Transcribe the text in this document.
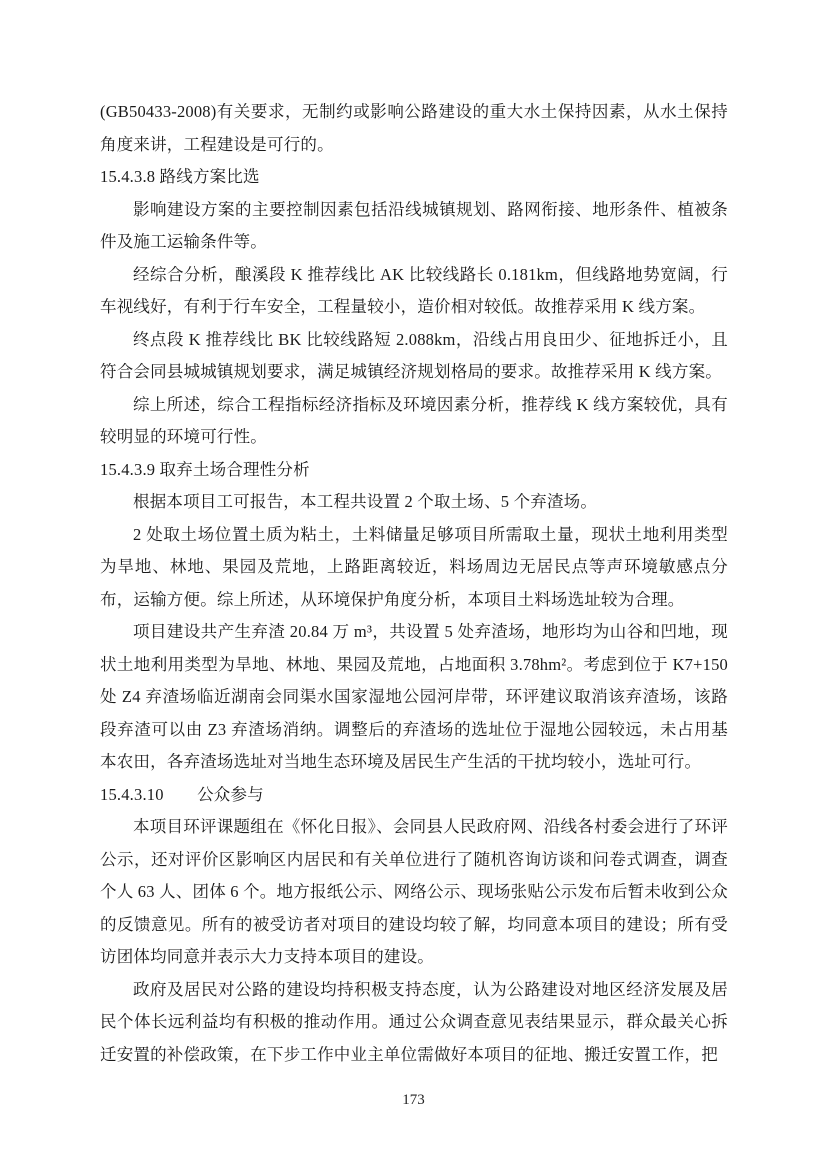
(GB50433-2008)有关要求，无制约或影响公路建设的重大水土保持因素，从水土保持角度来讲，工程建设是可行的。
15.4.3.8 路线方案比选
影响建设方案的主要控制因素包括沿线城镇规划、路网衔接、地形条件、植被条件及施工运输条件等。
经综合分析，酿溪段 K 推荐线比 AK 比较线路长 0.181km，但线路地势宽阔，行车视线好，有利于行车安全，工程量较小，造价相对较低。故推荐采用 K 线方案。
终点段 K 推荐线比 BK 比较线路短 2.088km，沿线占用良田少、征地拆迁小，且符合会同县城城镇规划要求，满足城镇经济规划格局的要求。故推荐采用 K 线方案。
综上所述，综合工程指标经济指标及环境因素分析，推荐线 K 线方案较优，具有较明显的环境可行性。
15.4.3.9 取弃土场合理性分析
根据本项目工可报告，本工程共设置 2 个取土场、5 个弃渣场。
2 处取土场位置土质为粘土，土料储量足够项目所需取土量，现状土地利用类型为旱地、林地、果园及荒地，上路距离较近，料场周边无居民点等声环境敏感点分布，运输方便。综上所述，从环境保护角度分析，本项目土料场选址较为合理。
项目建设共产生弃渣 20.84 万 m³，共设置 5 处弃渣场，地形均为山谷和凹地，现状土地利用类型为旱地、林地、果园及荒地，占地面积 3.78hm²。考虑到位于 K7+150 处 Z4 弃渣场临近湖南会同渠水国家湿地公园河岸带，环评建议取消该弃渣场，该路段弃渣可以由 Z3 弃渣场消纳。调整后的弃渣场的选址位于湿地公园较远，未占用基本农田，各弃渣场选址对当地生态环境及居民生产生活的干扰均较小，选址可行。
15.4.3.10　　公众参与
本项目环评课题组在《怀化日报》、会同县人民政府网、沿线各村委会进行了环评公示，还对评价区影响区内居民和有关单位进行了随机咨询访谈和问卷式调查，调查个人 63 人、团体 6 个。地方报纸公示、网络公示、现场张贴公示发布后暂未收到公众的反馈意见。所有的被受访者对项目的建设均较了解，均同意本项目的建设；所有受访团体均同意并表示大力支持本项目的建设。
政府及居民对公路的建设均持积极支持态度，认为公路建设对地区经济发展及居民个体长远利益均有积极的推动作用。通过公众调查意见表结果显示，群众最关心拆迁安置的补偿政策，在下步工作中业主单位需做好本项目的征地、搬迁安置工作，把
173
